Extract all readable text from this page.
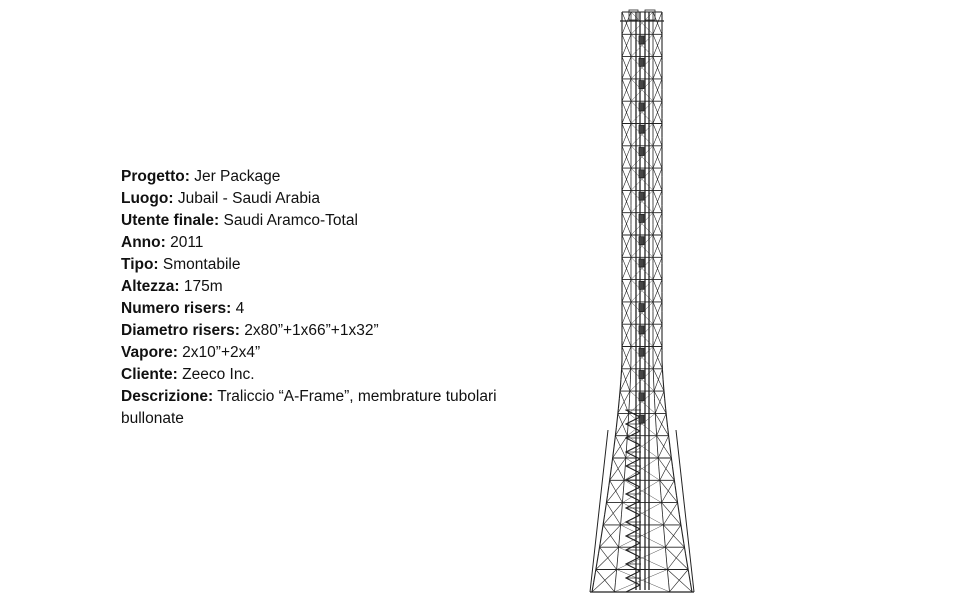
Progetto: Jer Package

Luogo: Jubail - Saudi Arabia

Utente finale: Saudi Aramco-Total

Anno: 2011

Tipo: Smontabile

Altezza: 175m

Numero risers: 4

Diametro risers: 2x80”+1x66”+1x32”

Vapore: 2x10”+2x4”

Cliente: Zeeco Inc.

Descrizione: Traliccio “A-Frame”, membrature tubolari bullonate
